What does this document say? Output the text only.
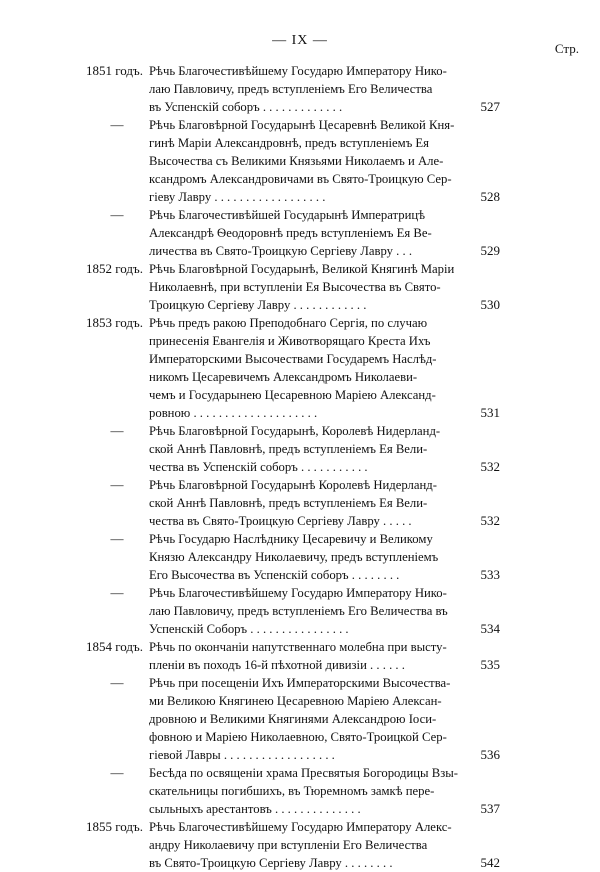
— IX —
Стр.
1851 годъ. Рѣчь Благочестивѣйшему Государю Императору Нико-
лаю Павловичу, предъ вступленіемъ Его Величества
въ Успенскій соборъ . . . . . . . . . . . . .	527
—	Рѣчь Благовѣрной Государынѣ Цесаревнѣ Великой Кня-
гинѣ Маріи Александровнѣ, предъ вступленіемъ Ея
Высочества съ Великими Князьями Николаемъ и Але-
ксандромъ Александровичами въ Свято-Троицкую Сер-
гіеву Лавру . . . . . . . . . . . . . . . . . .	528
—	Рѣчь Благочестивѣйшей Государынѣ Императрицѣ
Александрѣ Ѳеодоровнѣ предъ вступленіемъ Ея Ве-
личества въ Свято-Троицкую Сергіеву Лавру . . .	529
1852 годъ. Рѣчь Благовѣрной Государынѣ, Великой Княгинѣ Маріи
Николаевнѣ, при вступленіи Ея Высочества въ Свято-
Троицкую Сергіеву Лавру . . . . . . . . . . . .	530
1853 годъ. Рѣчь предъ ракою Преподобнаго Сергія, по случаю
принесенія Евангелія и Животворящаго Креста Ихъ
Императорскими Высочествами Государемъ Наслѣд-
никомъ Цесаревичемъ Александромъ Николаеви-
чемъ и Государынею Цесаревною Маріею Александ-
ровною . . . . . . . . . . . . . . . . . . . .	531
—	Рѣчь Благовѣрной Государынѣ, Королевѣ Нидерланд-
ской Аннѣ Павловнѣ, предъ вступленіемъ Ея Вели-
чества въ Успенскій соборъ . . . . . . . . . . .	532
—	Рѣчь Благовѣрной Государынѣ Королевѣ Нидерланд-
ской Аннѣ Павловнѣ, предъ вступленіемъ Ея Вели-
чества въ Свято-Троицкую Сергіеву Лавру . . . . .	532
—	Рѣчь Государю Наслѣднику Цесаревичу и Великому
Князю Александру Николаевичу, предъ вступленіемъ
Его Высочества въ Успенскій соборъ . . . . . . . .	533
—	Рѣчь Благочестивѣйшему Государю Императору Нико-
лаю Павловичу, предъ вступленіемъ Его Величества въ
Успенскій Соборъ . . . . . . . . . . . . . . . .	534
1854 годъ. Рѣчь по окончаніи напутственнаго молебна при высту-
пленіи въ походъ 16-й пѣхотной дивизіи . . . . . .	535
—	Рѣчь при посещеніи Ихъ Императорскими Высочества-
ми Великою Княгинею Цесаревною Маріею Алексан-
дровною и Великими Княгинями Александрою Іоси-
фовною и Маріею Николаевною, Свято-Троицкой Сер-
гіевой Лавры . . . . . . . . . . . . . . . . . .	536
—	Бесѣда по освященіи храма Пресвятыя Богородицы Взы-
скательницы погибшихъ, въ Тюремномъ замкѣ пере-
сыльныхъ арестантовъ . . . . . . . . . . . . . .	537
1855 годъ. Рѣчь Благочестивѣйшему Государю Императору Алекс-
андру Николаевичу при вступленіи Его Величества
въ Свято-Троицкую Сергіеву Лавру . . . . . . . .	542
